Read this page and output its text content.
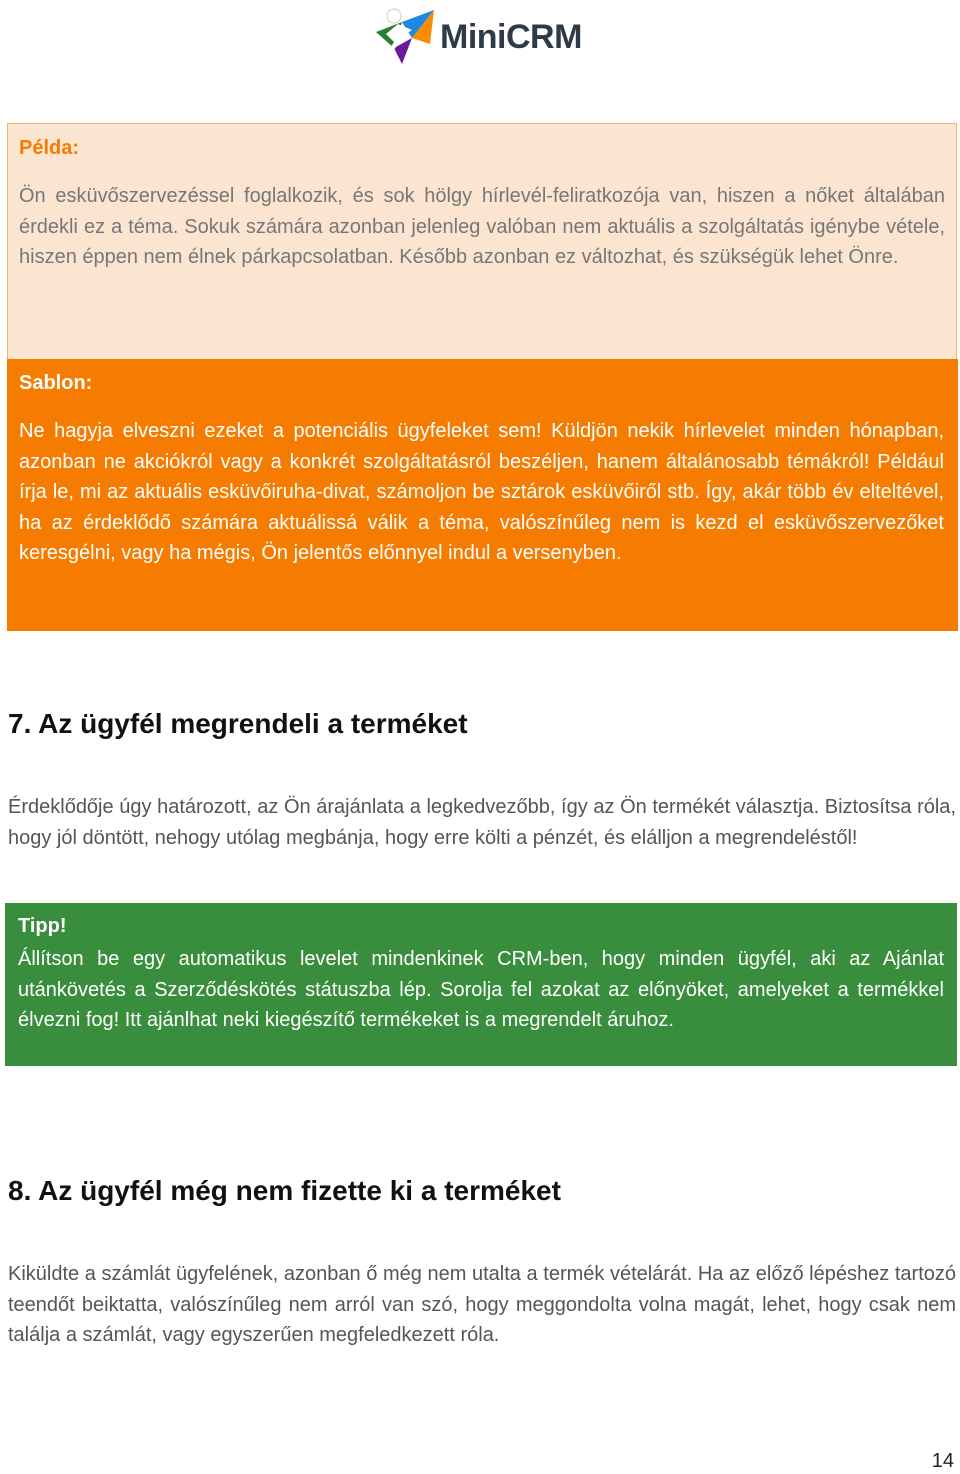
MiniCRM
Példa:

Ön esküvőszervezéssel foglalkozik, és sok hölgy hírlevél-feliratkozója van, hiszen a nőket általában érdekli ez a téma. Sokuk számára azonban jelenleg valóban nem aktuális a szolgáltatás igénybe vétele, hiszen éppen nem élnek párkapcsolatban. Később azonban ez változhat, és szükségük lehet Önre.

Sablon:

Ne hagyja elveszni ezeket a potenciális ügyfeleket sem! Küldjön nekik hírlevelet minden hónapban, azonban ne akciókról vagy a konkrét szolgáltatásról beszéljen, hanem általánosabb témákról! Például írja le, mi az aktuális esküvőiruha-divat, számoljon be sztárok esküvőiről stb. Így, akár több év elteltével, ha az érdeklődő számára aktuálissá válik a téma, valószínűleg nem is kezd el esküvőszervezőket keresgélni, vagy ha mégis, Ön jelentős előnnyel indul a versenyben.

7. Az ügyfél megrendeli a terméket

Érdeklődője úgy határozott, az Ön árajánlata a legkedvezőbb, így az Ön termékét választja. Biztosítsa róla, hogy jól döntött, nehogy utólag megbánja, hogy erre költi a pénzét, és elálljon a megrendeléstől!

Tipp!

Állítson be egy automatikus levelet mindenkinek CRM-ben, hogy minden ügyfél, aki az Ajánlat utánkövetés a Szerződéskötés státuszba lép. Sorolja fel azokat az előnyöket, amelyeket a termékkel élvezni fog! Itt ajánlhat neki kiegészítő termékeket is a megrendelt áruhoz.

8. Az ügyfél még nem fizette ki a terméket

Kiküldte a számlát ügyfelének, azonban ő még nem utalta a termék vételárát. Ha az előző lépéshez tartozó teendőt beiktatta, valószínűleg nem arról van szó, hogy meggondolta volna magát, lehet, hogy csak nem találja a számlát, vagy egyszerűen megfeledkezett róla.

14
